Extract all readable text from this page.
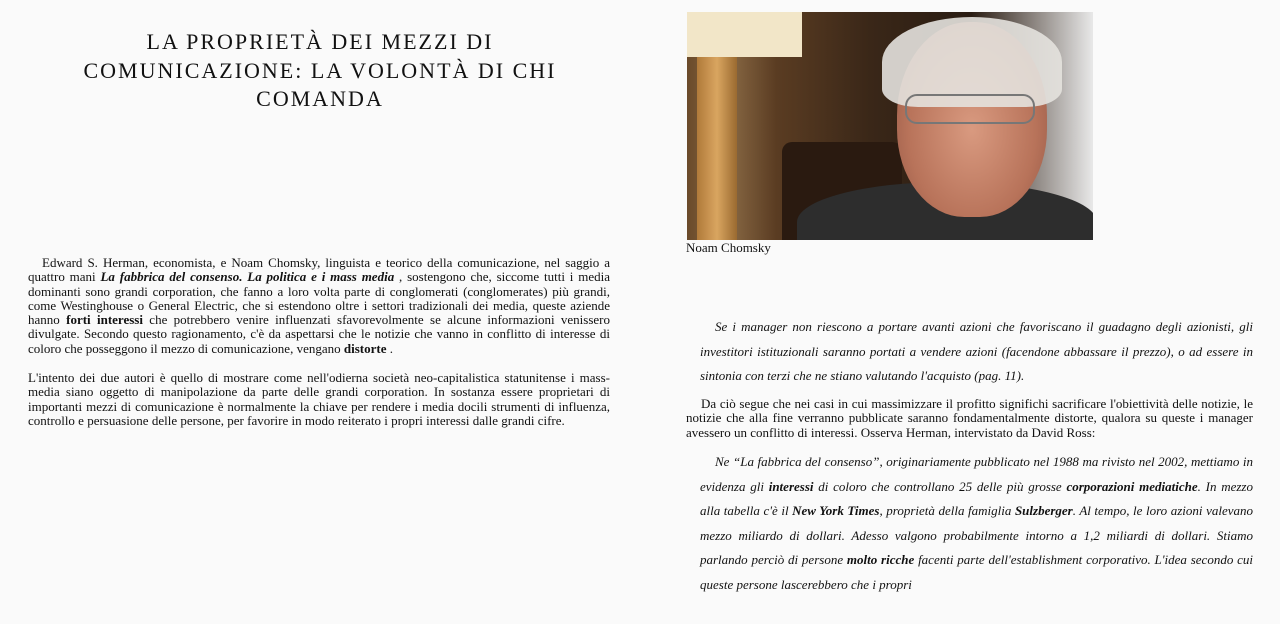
LA PROPRIETÀ DEI MEZZI DI COMUNICAZIONE: LA VOLONTÀ DI CHI COMANDA

Edward S. Herman, economista, e Noam Chomsky, linguista e teorico della comunicazione, nel saggio a quattro mani La fabbrica del consenso. La politica e i mass media , sostengono che, siccome tutti i media dominanti sono grandi corporation, che fanno a loro volta parte di conglomerati (conglomerates) più grandi, come Westinghouse o General Electric, che si estendono oltre i settori tradizionali dei media, queste aziende hanno forti interessi che potrebbero venire influenzati sfavorevolmente se alcune informazioni venissero divulgate. Secondo questo ragionamento, c'è da aspettarsi che le notizie che vanno in conflitto di interesse di coloro che posseggono il mezzo di comunicazione, vengano distorte .

L'intento dei due autori è quello di mostrare come nell'odierna società neo-capitalistica statunitense i mass-media siano oggetto di manipolazione da parte delle grandi corporation. In sostanza essere proprietari di importanti mezzi di comunicazione è normalmente la chiave per rendere i media docili strumenti di influenza, controllo e persuasione delle persone, per favorire in modo reiterato i propri interessi dalle grandi cifre.

Noam Chomsky

Se i manager non riescono a portare avanti azioni che favoriscano il guadagno degli azionisti, gli investitori istituzionali saranno portati a vendere azioni (facendone abbassare il prezzo), o ad essere in sintonia con terzi che ne stiano valutando l'acquisto (pag. 11).

Da ciò segue che nei casi in cui massimizzare il profitto significhi sacrificare l'obiettività delle notizie, le notizie che alla fine verranno pubblicate saranno fondamentalmente distorte, qualora su queste i manager avessero un conflitto di interessi. Osserva Herman, intervistato da David Ross:

Ne “La fabbrica del consenso”, originariamente pubblicato nel 1988 ma rivisto nel 2002, mettiamo in evidenza gli interessi di coloro che controllano 25 delle più grosse corporazioni mediatiche. In mezzo alla tabella c'è il New York Times, proprietà della famiglia Sulzberger. Al tempo, le loro azioni valevano mezzo miliardo di dollari. Adesso valgono probabilmente intorno a 1,2 miliardi di dollari. Stiamo parlando perciò di persone molto ricche facenti parte dell'establishment corporativo. L'idea secondo cui queste persone lascerebbero che i propri
